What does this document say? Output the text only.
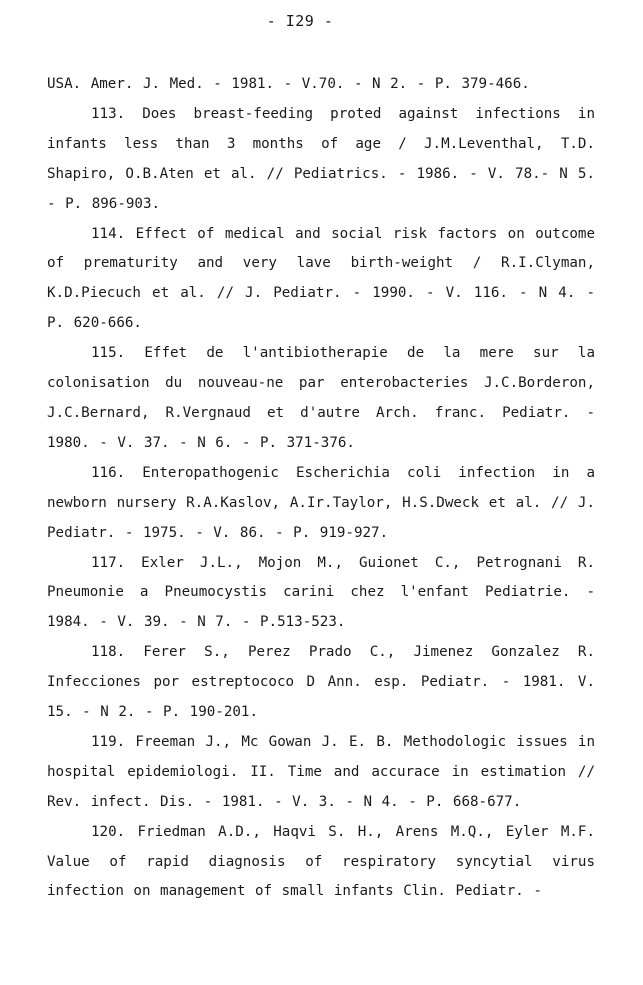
- I29 -

USA. Amer. J. Med. - 1981. - V.70. - N 2. - P. 379-466.

113. Does breast-feeding proted against infections in infants less than 3 months of age / J.M.Leventhal, T.D. Shapiro, O.B.Aten et al. // Pediatrics. - 1986. - V. 78.- N 5. - P. 896-903.

114. Effect of medical and social risk factors on outcome of prematurity and very lave birth-weight / R.I.Clyman, K.D.Piecuch et al. // J. Pediatr. - 1990. - V. 116. - N 4. - P. 620-666.

115. Effet de l'antibiotherapie de la mere sur la colonisation du nouveau-ne par enterobacteries J.C.Borderon, J.C.Bernard, R.Vergnaud et d'autre Arch. franc. Pediatr. - 1980. - V. 37. - N 6. - P. 371-376.

116. Enteropathogenic Escherichia coli infection in a newborn nursery R.A.Kaslov, A.Ir.Taylor, H.S.Dweck et al. // J. Pediatr. - 1975. - V. 86. - P. 919-927.

117. Exler J.L., Mojon M., Guionet C., Petrognani R. Pneumonie a Pneumocystis carini chez l'enfant Pediatrie. - 1984. - V. 39. - N 7. - P.513-523.

118. Ferer S., Perez Prado C., Jimenez Gonzalez R. Infecciones por estreptococo D Ann. esp. Pediatr. - 1981. V. 15. - N 2. - P. 190-201.

119. Freeman J., Mc Gowan J. E. B. Methodologic issues in hospital epidemiologi. II. Time and accurace in estimation // Rev. infect. Dis. - 1981. - V. 3. - N 4. - P. 668-677.

120. Friedman A.D., Haqvi S. H., Arens M.Q., Eyler M.F. Value of rapid diagnosis of respiratory syncytial virus infection on management of small infants Clin. Pediatr. -
